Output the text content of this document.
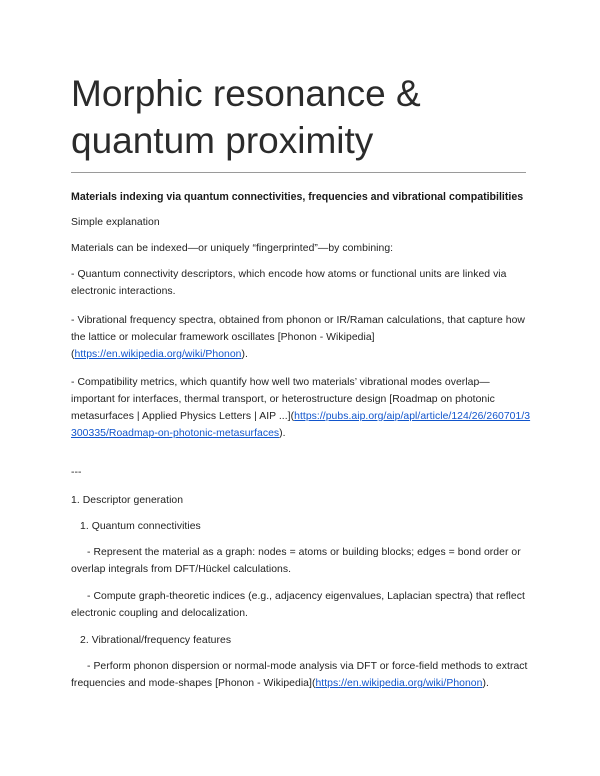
Morphic resonance & quantum proximity
Materials indexing via quantum connectivities, frequencies and vibrational compatibilities
Simple explanation
Materials can be indexed—or uniquely “fingerprinted”—by combining:
- Quantum connectivity descriptors, which encode how atoms or functional units are linked via electronic interactions.
- Vibrational frequency spectra, obtained from phonon or IR/Raman calculations, that capture how the lattice or molecular framework oscillates [Phonon - Wikipedia](https://en.wikipedia.org/wiki/Phonon).
- Compatibility metrics, which quantify how well two materials’ vibrational modes overlap—important for interfaces, thermal transport, or heterostructure design [Roadmap on photonic metasurfaces | Applied Physics Letters | AIP ...](https://pubs.aip.org/aip/apl/article/124/26/260701/3300335/Roadmap-on-photonic-metasurfaces).
---
1. Descriptor generation
1. Quantum connectivities
- Represent the material as a graph: nodes = atoms or building blocks; edges = bond order or overlap integrals from DFT/Hückel calculations.
- Compute graph-theoretic indices (e.g., adjacency eigenvalues, Laplacian spectra) that reflect electronic coupling and delocalization.
2. Vibrational/frequency features
- Perform phonon dispersion or normal-mode analysis via DFT or force-field methods to extract frequencies and mode-shapes [Phonon - Wikipedia](https://en.wikipedia.org/wiki/Phonon).
